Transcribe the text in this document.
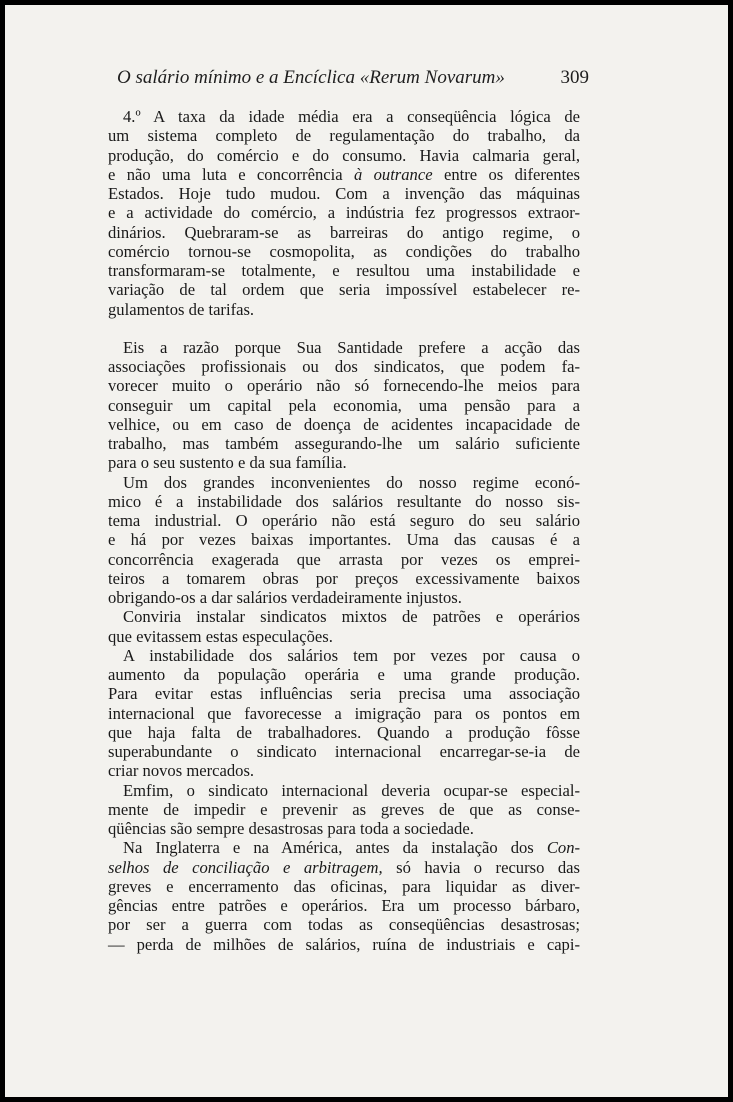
O salário mínimo e a Encíclica «Rerum Novarum»	309
4.º A taxa da idade média era a conseqüência lógica de
um sistema completo de regulamentação do trabalho, da
produção, do comércio e do consumo. Havia calmaria geral,
e não uma luta e concorrência à outrance entre os diferentes
Estados. Hoje tudo mudou. Com a invenção das máquinas
e a actividade do comércio, a indústria fez progressos extraor-
dinários. Quebraram-se as barreiras do antigo regime, o
comércio tornou-se cosmopolita, as condições do trabalho
transformaram-se totalmente, e resultou uma instabilidade e
variação de tal ordem que seria impossível estabelecer re-
gulamentos de tarifas.
Eis a razão porque Sua Santidade prefere a acção das
associações profissionais ou dos sindicatos, que podem fa-
vorecer muito o operário não só fornecendo-lhe meios para
conseguir um capital pela economia, uma pensão para a
velhice, ou em caso de doença de acidentes incapacidade de
trabalho, mas também assegurando-lhe um salário suficiente
para o seu sustento e da sua família.
Um dos grandes inconvenientes do nosso regime econó-
mico é a instabilidade dos salários resultante do nosso sis-
tema industrial. O operário não está seguro do seu salário
e há por vezes baixas importantes. Uma das causas é a
concorrência exagerada que arrasta por vezes os emprei-
teiros a tomarem obras por preços excessivamente baixos
obrigando-os a dar salários verdadeiramente injustos.
Conviria instalar sindicatos mixtos de patrões e operários
que evitassem estas especulações.
A instabilidade dos salários tem por vezes por causa o
aumento da população operária e uma grande produção.
Para evitar estas influências seria precisa uma associação
internacional que favorecesse a imigração para os pontos em
que haja falta de trabalhadores. Quando a produção fôsse
superabundante o sindicato internacional encarregar-se-ia de
criar novos mercados.
Emfim, o sindicato internacional deveria ocupar-se especial-
mente de impedir e prevenir as greves de que as conse-
qüências são sempre desastrosas para toda a sociedade.
Na Inglaterra e na América, antes da instalação dos Con-
selhos de conciliação e arbitragem, só havia o recurso das
greves e encerramento das oficinas, para liquidar as diver-
gências entre patrões e operários. Era um processo bárbaro,
por ser a guerra com todas as conseqüências desastrosas;
— perda de milhões de salários, ruína de industriais e capi-
